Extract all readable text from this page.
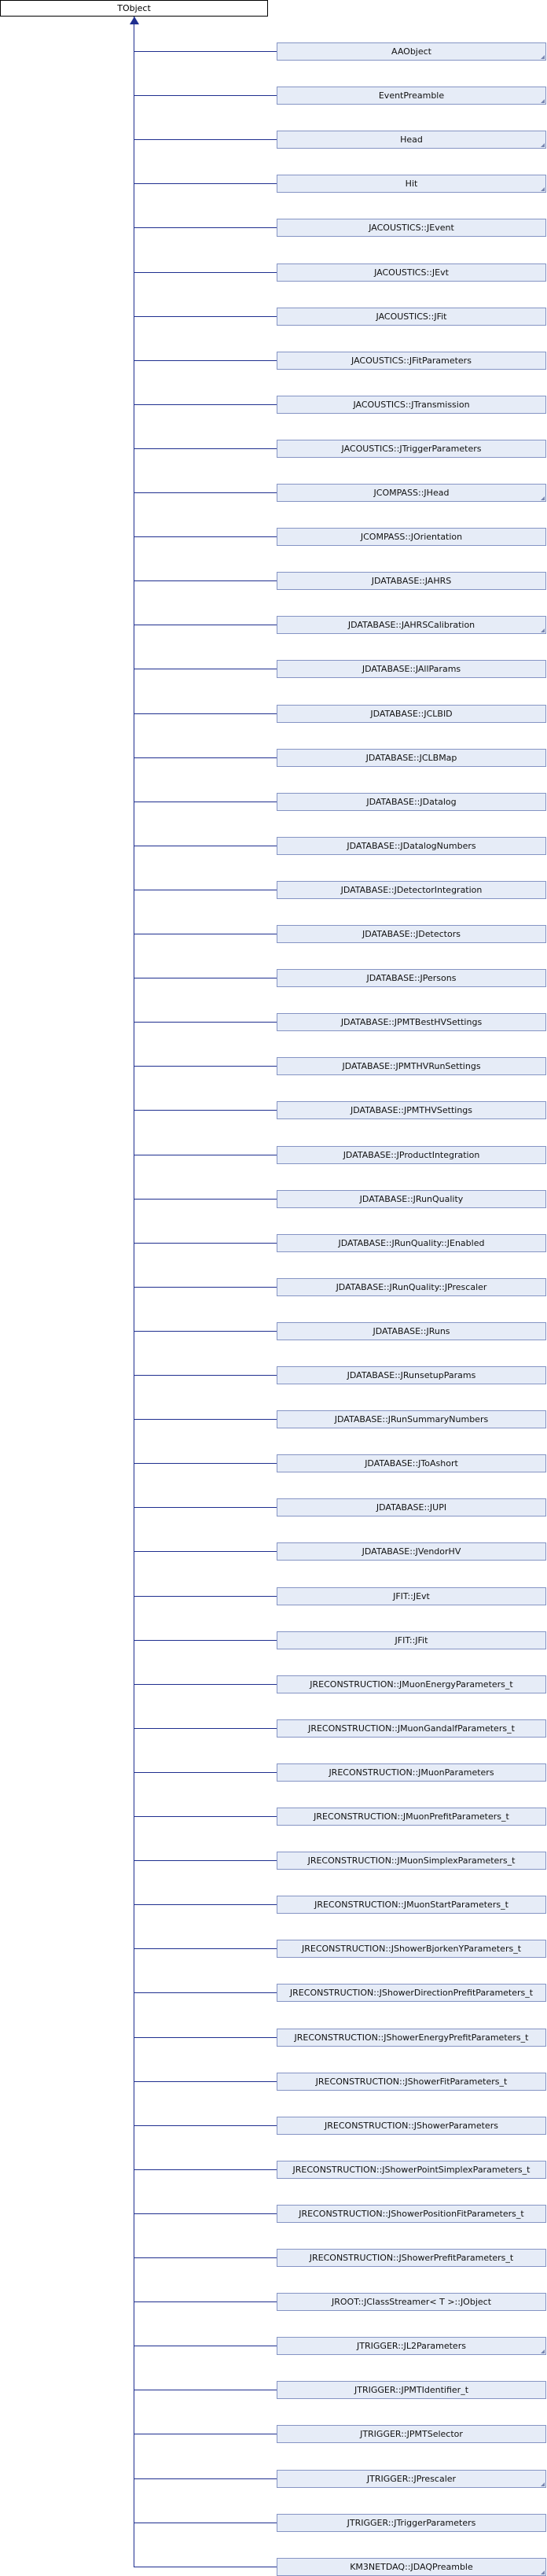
TObject
AAObject
EventPreamble
Head
Hit
JACOUSTICS::JEvent
JACOUSTICS::JEvt
JACOUSTICS::JFit
JACOUSTICS::JFitParameters
JACOUSTICS::JTransmission
JACOUSTICS::JTriggerParameters
JCOMPASS::JHead
JCOMPASS::JOrientation
JDATABASE::JAHRS
JDATABASE::JAHRSCalibration
JDATABASE::JAllParams
JDATABASE::JCLBID
JDATABASE::JCLBMap
JDATABASE::JDatalog
JDATABASE::JDatalogNumbers
JDATABASE::JDetectorIntegration
JDATABASE::JDetectors
JDATABASE::JPersons
JDATABASE::JPMTBestHVSettings
JDATABASE::JPMTHVRunSettings
JDATABASE::JPMTHVSettings
JDATABASE::JProductIntegration
JDATABASE::JRunQuality
JDATABASE::JRunQuality::JEnabled
JDATABASE::JRunQuality::JPrescaler
JDATABASE::JRuns
JDATABASE::JRunsetupParams
JDATABASE::JRunSummaryNumbers
JDATABASE::JToAshort
JDATABASE::JUPI
JDATABASE::JVendorHV
JFIT::JEvt
JFIT::JFit
JRECONSTRUCTION::JMuonEnergyParameters_t
JRECONSTRUCTION::JMuonGandalfParameters_t
JRECONSTRUCTION::JMuonParameters
JRECONSTRUCTION::JMuonPrefitParameters_t
JRECONSTRUCTION::JMuonSimplexParameters_t
JRECONSTRUCTION::JMuonStartParameters_t
JRECONSTRUCTION::JShowerBjorkenYParameters_t
JRECONSTRUCTION::JShowerDirectionPrefitParameters_t
JRECONSTRUCTION::JShowerEnergyPrefitParameters_t
JRECONSTRUCTION::JShowerFitParameters_t
JRECONSTRUCTION::JShowerParameters
JRECONSTRUCTION::JShowerPointSimplexParameters_t
JRECONSTRUCTION::JShowerPositionFitParameters_t
JRECONSTRUCTION::JShowerPrefitParameters_t
JROOT::JClassStreamer< T >::JObject
JTRIGGER::JL2Parameters
JTRIGGER::JPMTIdentifier_t
JTRIGGER::JPMTSelector
JTRIGGER::JPrescaler
JTRIGGER::JTriggerParameters
KM3NETDAQ::JDAQPreamble
